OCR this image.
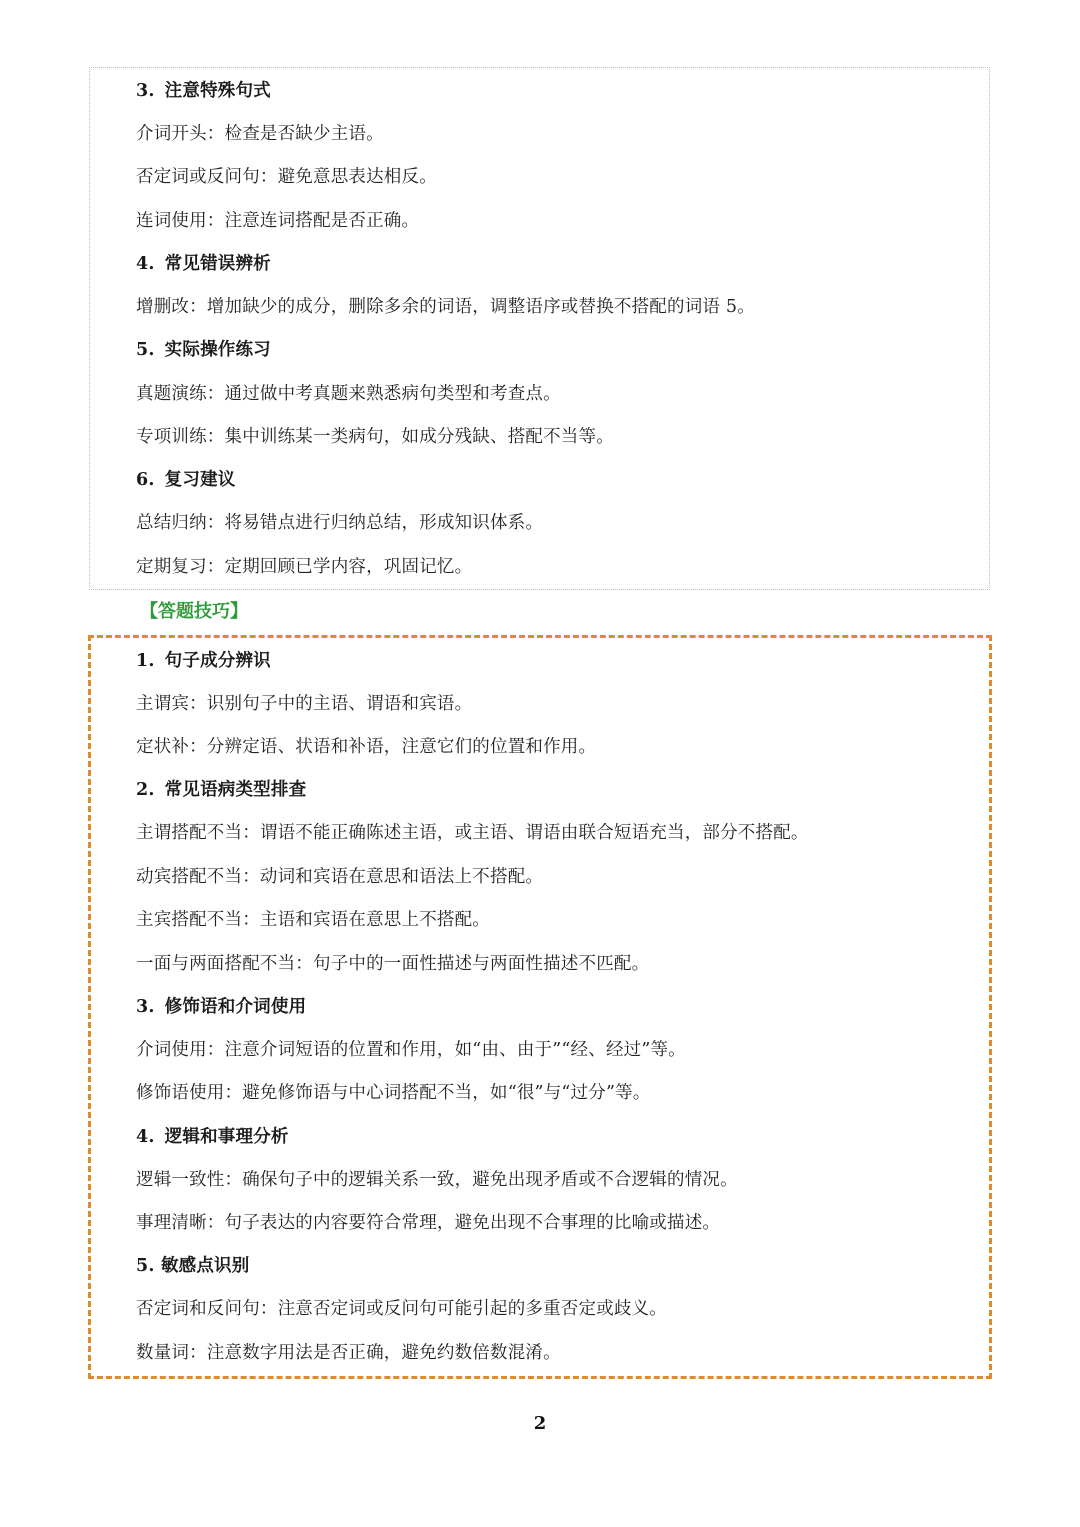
3. 注意特殊句式
介词开头：检查是否缺少主语。
否定词或反问句：避免意思表达相反。
连词使用：注意连词搭配是否正确。
4. 常见错误辨析
增删改：增加缺少的成分，删除多余的词语，调整语序或替换不搭配的词语 5。
5. 实际操作练习
真题演练：通过做中考真题来熟悉病句类型和考查点。
专项训练：集中训练某一类病句，如成分残缺、搭配不当等。
6. 复习建议
总结归纳：将易错点进行归纳总结，形成知识体系。
定期复习：定期回顾已学内容，巩固记忆。
【答题技巧】
1. 句子成分辨识
主谓宾：识别句子中的主语、谓语和宾语。
定状补：分辨定语、状语和补语，注意它们的位置和作用。
2. 常见语病类型排查
主谓搭配不当：谓语不能正确陈述主语，或主语、谓语由联合短语充当，部分不搭配。
动宾搭配不当：动词和宾语在意思和语法上不搭配。
主宾搭配不当：主语和宾语在意思上不搭配。
一面与两面搭配不当：句子中的一面性描述与两面性描述不匹配。
3. 修饰语和介词使用
介词使用：注意介词短语的位置和作用，如“由、由于”“经、经过”等。
修饰语使用：避免修饰语与中心词搭配不当，如“很”与“过分”等。
4. 逻辑和事理分析
逻辑一致性：确保句子中的逻辑关系一致，避免出现矛盾或不合逻辑的情况。
事理清晰：句子表达的内容要符合常理，避免出现不合事理的比喻或描述。
5. 敏感点识别
否定词和反问句：注意否定词或反问句可能引起的多重否定或歧义。
数量词：注意数字用法是否正确，避免约数倍数混淆。
2
